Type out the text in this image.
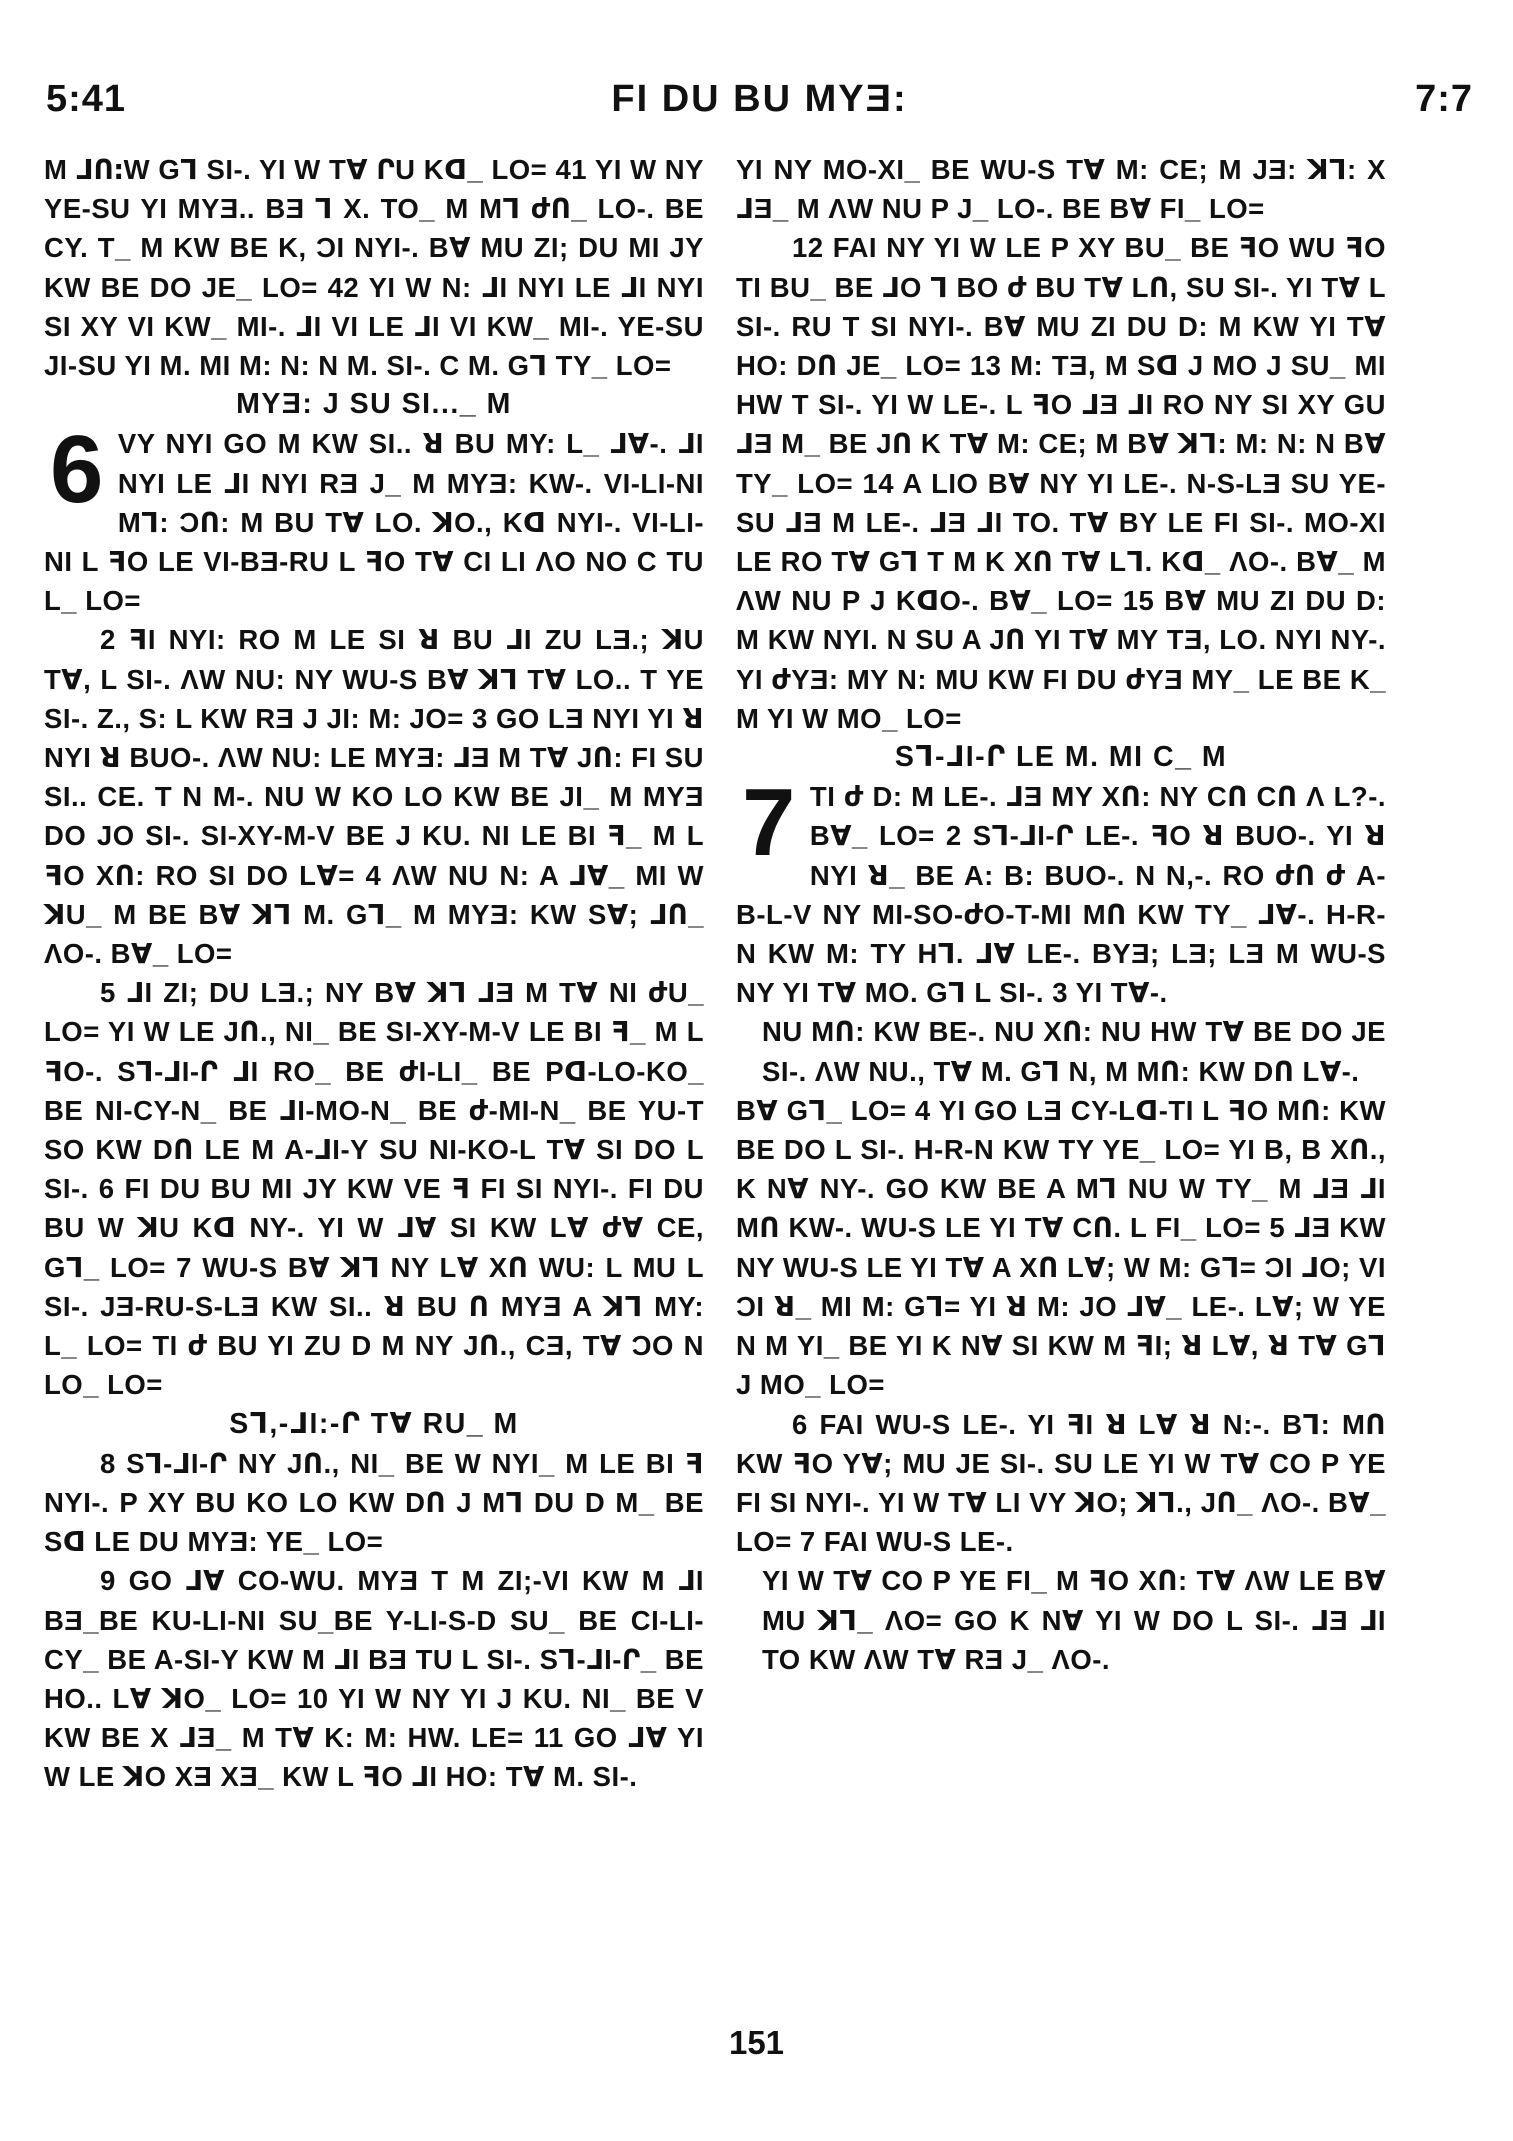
5:41	FI DU BU MYƎ:	7:7

M ⅃ՈꓽW GꞀ SI-. YI W TⱯ ՐU Kꓷ_ LO= 41 YI W NY YE-SU YI MYƎ.. BƎ Ꞁ X. TO_ M MꞀ ժՈ_ LO-. BE CY. T_ M KW BE K, ƆI NYI-. BⱯ MU ZI; DU MI JY KW BE DO JE_ LO= 42 YI W N: ⅃I NYI LE ⅃I NYI SI XY VI KW_ MI-. ⅃I VI LE ⅃I VI KW_ MI-. YE-SU JI-SU YI M. MI M: N: N M. SI-. C M. GꞀ TY_ LO=

MYƎ: J SU SI..._ M

6 VY NYI GO M KW SI.. ꓤ BU MY: L_ ⅃Ɐ-. ⅃I NYI LE ⅃I NYI RƎ J_ M MYƎ: KW-. VI-LI-NI MꞀ: ƆՈ: M BU TⱯ LO. ꓘO., Kꓷ NYI-. VI-LI-NI L ꟻO LE VI-BƎ-RU L ꟻO TⱯ CI LI ɅO NO C TU L_ LO=

2 ꟻI NYI: RO M LE SI ꓤ BU ⅃I ZU LƎ.; ꓘU TⱯ, L SI-. ɅW NU: NY WU-S BⱯ ꓘꞀ TⱯ LO.. T YE SI-. Z., S: L KW RƎ J JI: M: JO= 3 GO LƎ NYI YI ꓤ NYI ꓤ BUO-. ɅW NU: LE MYƎ: ⅃Ǝ M TⱯ JՈ: FI SU SI.. CE. T N M-. NU W KO LO KW BE JI_ M MYƎ DO JO SI-. SI-XY-M-V BE J KU. NI LE BI ꟻ_ M L ꟻO XՈ: RO SI DO LⱯ= 4 ɅW NU N: A ⅃Ɐ_ MI W ꓘU_ M BE BⱯ ꓘꞀ M. GꞀ_ M MYƎ: KW SⱯ; ⅃Ո_ ɅO-. BⱯ_ LO=

5 ⅃I ZI; DU LƎ.; NY BⱯ ꓘꞀ ⅃Ǝ M TⱯ NI ժU_ LO= YI W LE JՈ., NI_ BE SI-XY-M-V LE BI ꟻ_ M L ꟻO-. SꞀ-⅃I-Ր ⅃I RO_ BE ժI-LI_ BE Pꓷ-LO-KO_ BE NI-CY-N_ BE ⅃I-MO-N_ BE ժ-MI-N_ BE YU-T SO KW DՈ LE M A-⅃I-Y SU NI-KO-L TⱯ SI DO L SI-. 6 FI DU BU MI JY KW VE ꟻ FI SI NYI-. FI DU BU W ꓘU Kꓷ NY-. YI W ⅃Ɐ SI KW LⱯ ժⱯ CE, GꞀ_ LO= 7 WU-S BⱯ ꓘꞀ NY LⱯ XՈ WU: L MU L SI-. JƎ-RU-S-LƎ KW SI.. ꓤ BU Ո MYƎ A ꓘꞀ MY: L_ LO= TI ժ BU YI ZU D M NY JՈ., CƎ, TⱯ ƆO N LO_ LO=

SꞀ,-⅃I:-Ր TⱯ RU_ M

8 SꞀ-⅃I-Ր NY JՈ., NI_ BE W NYI_ M LE BI ꟻ NYI-. P XY BU KO LO KW DՈ J MꞀ DU D M_ BE Sꓷ LE DU MYƎ: YE_ LO=

9 GO ⅃Ɐ CO-WU. MYƎ T M ZI;-VI KW M ⅃I BƎ_BE KU-LI-NI SU_BE Y-LI-S-D SU_ BE CI-LI-CY_ BE A-SI-Y KW M ⅃I BƎ TU L SI-. SꞀ-⅃I-Ր_ BE HO.. LⱯ ꓘO_ LO= 10 YI W NY YI J KU. NI_ BE V KW BE X ⅃Ǝ_ M TⱯ K: M: HW. LE= 11 GO ⅃Ɐ YI W LE ꓘO XƎ XƎ_ KW L ꟻO ⅃I HO: TⱯ M. SI-.

YI NY MO-XI_ BE WU-S TⱯ M: CE; M JƎ: ꓘꞀ: X ⅃Ǝ_ M ɅW NU P J_ LO-. BE BⱯ FI_ LO=

12 FAI NY YI W LE P XY BU_ BE ꟻO WU ꟻO TI BU_ BE ⅃O Ꞁ BO ժ BU TⱯ LՈ, SU SI-. YI TⱯ L SI-. RU T SI NYI-. BⱯ MU ZI DU D: M KW YI TⱯ HO: DՈ JE_ LO= 13 M: TƎ, M Sꓷ J MO J SU_ MI HW T SI-. YI W LE-. L ꟻO ⅃Ǝ ⅃I RO NY SI XY GU ⅃Ǝ M_ BE JՈ K TⱯ M: CE; M BⱯ ꓘꞀ: M: N: N BⱯ TY_ LO= 14 A LIO BⱯ NY YI LE-. N-S-LƎ SU YE-SU ⅃Ǝ M LE-. ⅃Ǝ ⅃I TO. TⱯ BY LE FI SI-. MO-XI LE RO TⱯ GꞀ T M K XՈ TⱯ LꞀ. Kꓷ_ ɅO-. BⱯ_ M ɅW NU P J KꓷO-. BⱯ_ LO= 15 BⱯ MU ZI DU D: M KW NYI. N SU A JՈ YI TⱯ MY TƎ, LO. NYI NY-. YI ժYƎ: MY N: MU KW FI DU ժYƎ MY_ LE BE K_ M YI W MO_ LO=

SꞀ-⅃I-Ր LE M. MI C_ M

7 TI ժ D: M LE-. ⅃Ǝ MY XՈ: NY CՈ CՈ Ʌ L?-. BⱯ_ LO= 2 SꞀ-⅃I-Ր LE-. ꟻO ꓤ BUO-. YI ꓤ NYI ꓤ_ BE A: B: BUO-. N N,-. RO ժՈ ժ A-B-L-V NY MI-SO-ժO-T-MI MՈ KW TY_ ⅃Ɐ-. H-R-N KW M: TY HꞀ. ⅃Ɐ LE-. BYƎ; LƎ; LƎ M WU-S NY YI TⱯ MO. GꞀ L SI-. 3 YI TⱯ-.

NU MՈ: KW BE-. NU XՈ: NU HW TⱯ BE DO JE SI-. ɅW NU., TⱯ M. GꞀ N, M MՈ: KW DՈ LⱯ-.

BⱯ GꞀ_ LO= 4 YI GO LƎ CY-Lꓷ-TI L ꟻO MՈ: KW BE DO L SI-. H-R-N KW TY YE_ LO= YI B, B XՈ., K NⱯ NY-. GO KW BE A MꞀ NU W TY_ M ⅃Ǝ ⅃I MՈ KW-. WU-S LE YI TⱯ CՈ. L FI_ LO= 5 ⅃Ǝ KW NY WU-S LE YI TⱯ A XՈ LⱯ; W M: GꞀ= ƆI ⅃O; VI ƆI ꓤ_ MI M: GꞀ= YI ꓤ M: JO ⅃Ɐ_ LE-. LⱯ; W YE N M YI_ BE YI K NⱯ SI KW M ꟻI; ꓤ LⱯ, ꓤ TⱯ GꞀ J MO_ LO=

6 FAI WU-S LE-. YI ꟻI ꓤ LⱯ ꓤ N:-. BꞀ: MՈ KW ꟻO YⱯ; MU JE SI-. SU LE YI W TⱯ CO P YE FI SI NYI-. YI W TⱯ LI VY ꓘO; ꓘꞀ., JՈ_ ɅO-. BⱯ_ LO= 7 FAI WU-S LE-.

YI W TⱯ CO P YE FI_ M ꟻO XՈ: TⱯ ɅW LE BⱯ MU ꓘꞀ_ ɅO= GO K NⱯ YI W DO L SI-. ⅃Ǝ ⅃I TO KW ɅW TⱯ RƎ J_ ɅO-.

151
